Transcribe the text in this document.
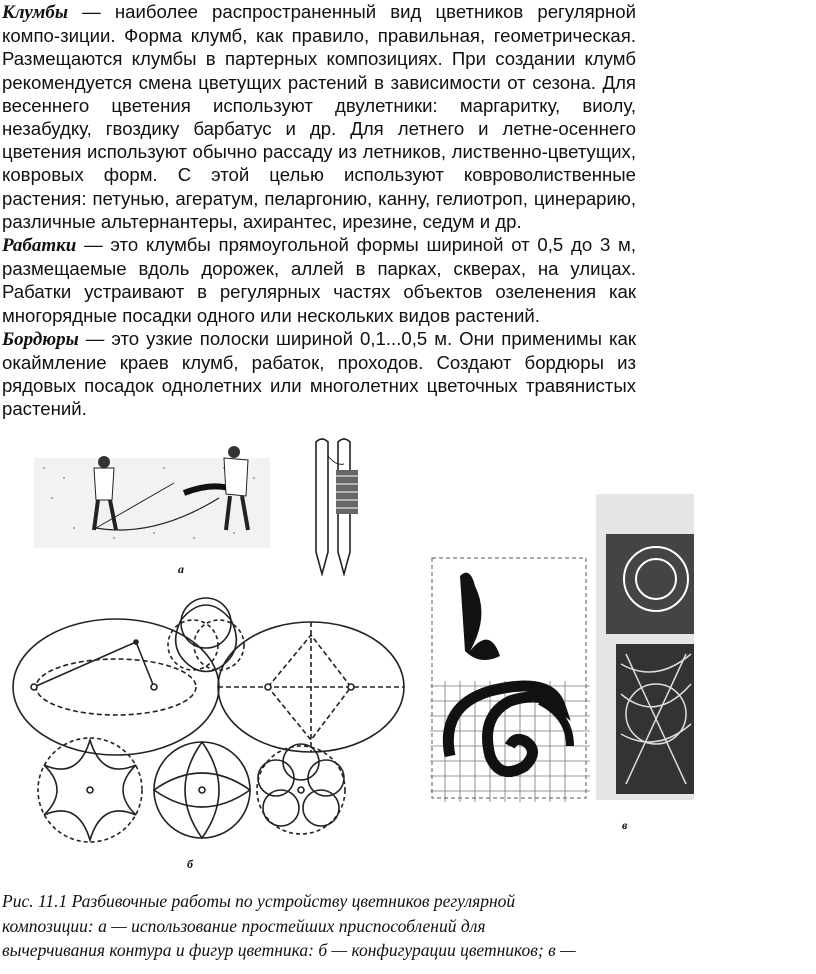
Клумбы — наиболее распространенный вид цветников регулярной компо-зиции. Форма клумб, как правило, правильная, геометрическая. Размещаются клумбы в партерных композициях. При создании клумб рекомендуется смена цветущих растений в зависимости от сезона. Для весеннего цветения используют двулетники: маргаритку, виолу, незабудку, гвоздику барбатус и др. Для летнего и летне-осеннего цветения используют обычно рассаду из летников, лиственно-цветущих, ковровых форм. С этой целью используют ковроволиственные растения: петунью, агератум, пеларгонию, канну, гелиотроп, цинерарию, различные альтернантеры, ахирантес, ирезине, седум и др.

Рабатки — это клумбы прямоугольной формы шириной от 0,5 до 3 м, размещаемые вдоль дорожек, аллей в парках, скверах, на улицах. Рабатки устраивают в регулярных частях объектов озеленения как многорядные посадки одного или нескольких видов растений.

Бордюры — это узкие полоски шириной 0,1...0,5 м. Они применимы как окаймление краев клумб, рабаток, проходов. Создают бордюры из рядовых посадок однолетних или многолетних цветочных травянистых растений.

а
б
в

Рис. 11.1 Разбивочные работы по устройству цветников регулярной

композиции: а — использование простейших приспособлений для

вычерчивания контура и фигур цветника: б — конфигурации цветников; в —
